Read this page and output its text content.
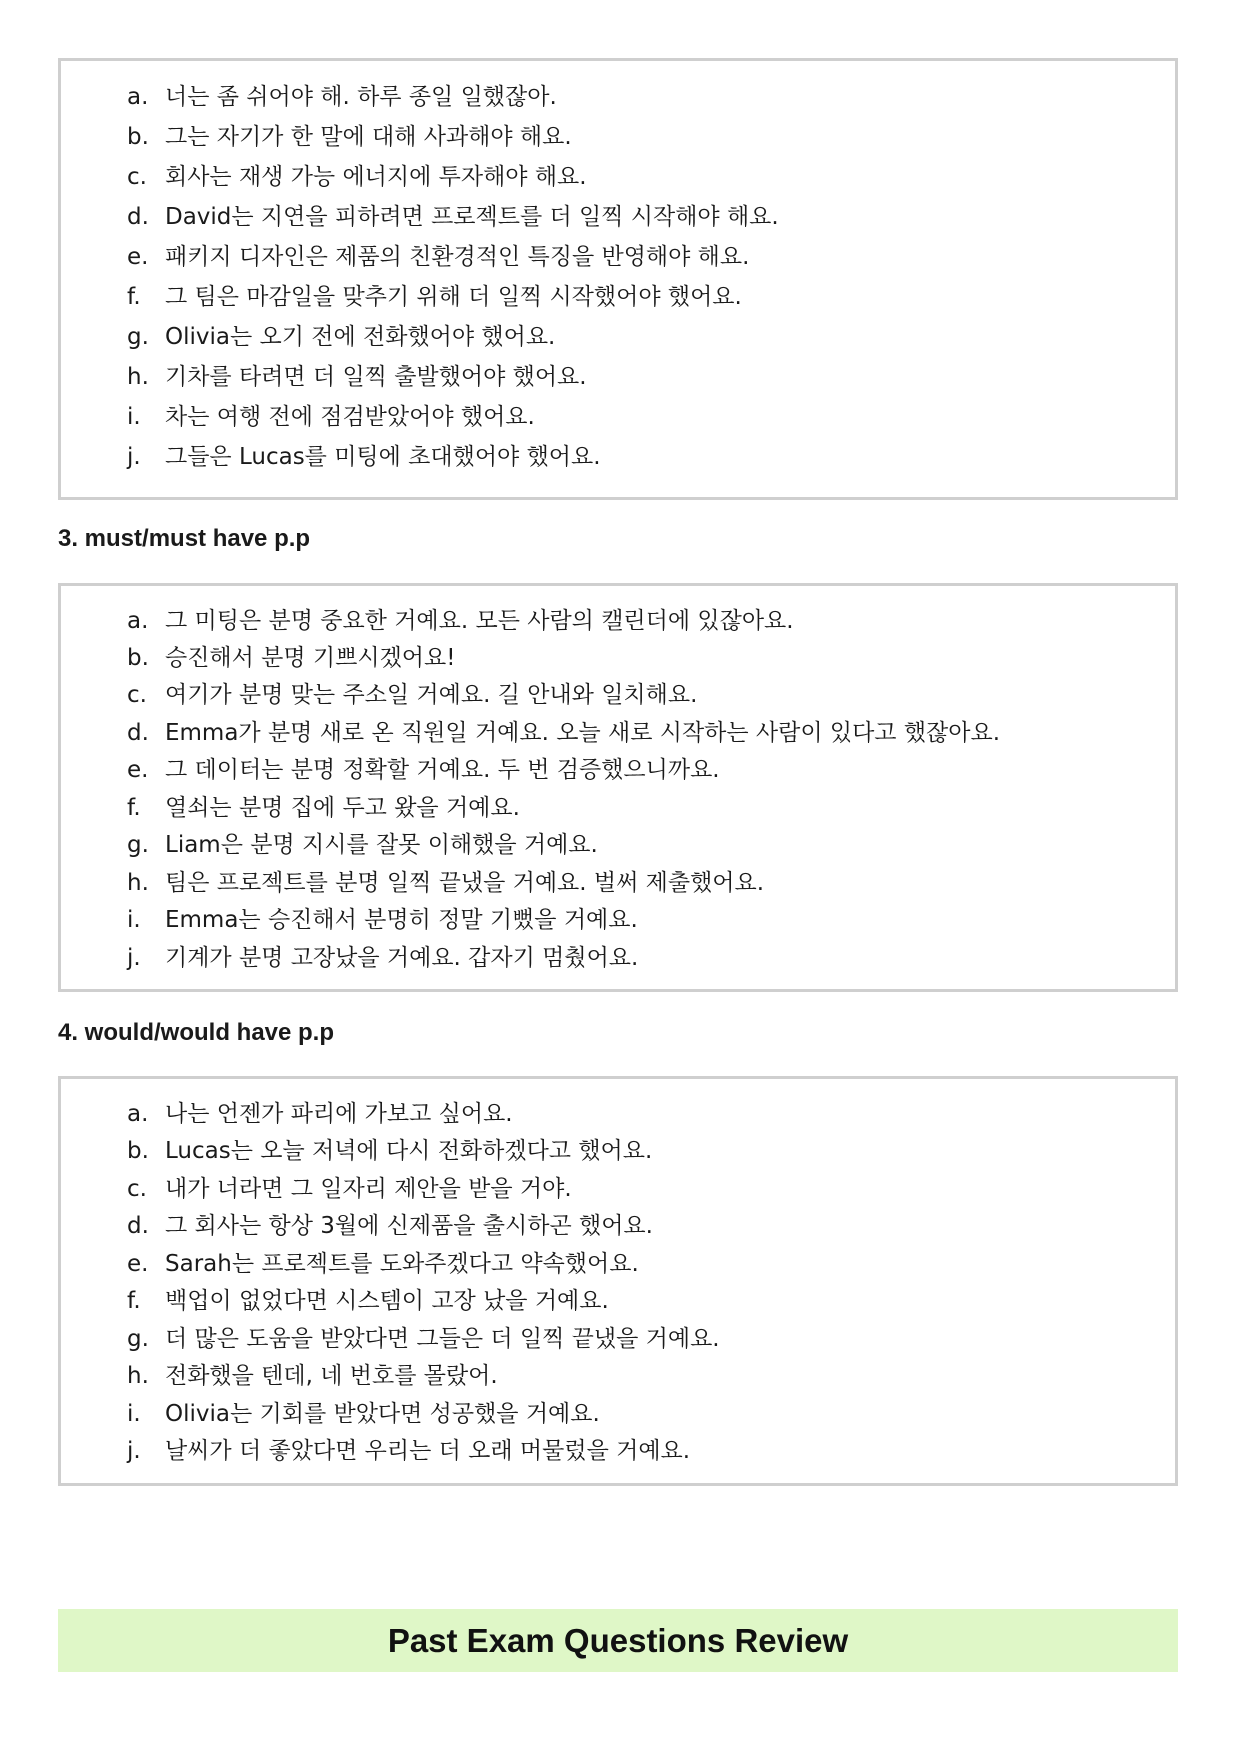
a. 너는 좀 쉬어야 해. 하루 종일 일했잖아.
b. 그는 자기가 한 말에 대해 사과해야 해요.
c. 회사는 재생 가능 에너지에 투자해야 해요.
d. David는 지연을 피하려면 프로젝트를 더 일찍 시작해야 해요.
e. 패키지 디자인은 제품의 친환경적인 특징을 반영해야 해요.
f.	그 팀은 마감일을 맞추기 위해 더 일찍 시작했어야 했어요.
g. Olivia는 오기 전에 전화했어야 했어요.
h. 기차를 타려면 더 일찍 출발했어야 했어요.
i.	차는 여행 전에 점검받았어야 했어요.
j.	그들은 Lucas를 미팅에 초대했어야 했어요.
3. must/must have p.p
a. 그 미팅은 분명 중요한 거예요. 모든 사람의 캘린더에 있잖아요.
b. 승진해서 분명 기쁘시겠어요!
c. 여기가 분명 맞는 주소일 거예요. 길 안내와 일치해요.
d. Emma가 분명 새로 온 직원일 거예요. 오늘 새로 시작하는 사람이 있다고 했잖아요.
e. 그 데이터는 분명 정확할 거예요. 두 번 검증했으니까요.
f.	열쇠는 분명 집에 두고 왔을 거예요.
g. Liam은 분명 지시를 잘못 이해했을 거예요.
h. 팀은 프로젝트를 분명 일찍 끝냈을 거예요. 벌써 제출했어요.
i.	Emma는 승진해서 분명히 정말 기뻤을 거예요.
j.	기계가 분명 고장났을 거예요. 갑자기 멈췄어요.
4. would/would have p.p
a. 나는 언젠가 파리에 가보고 싶어요.
b. Lucas는 오늘 저녁에 다시 전화하겠다고 했어요.
c. 내가 너라면 그 일자리 제안을 받을 거야.
d. 그 회사는 항상 3월에 신제품을 출시하곤 했어요.
e. Sarah는 프로젝트를 도와주겠다고 약속했어요.
f.	백업이 없었다면 시스템이 고장 났을 거예요.
g. 더 많은 도움을 받았다면 그들은 더 일찍 끝냈을 거예요.
h. 전화했을 텐데, 네 번호를 몰랐어.
i.	Olivia는 기회를 받았다면 성공했을 거예요.
j.	날씨가 더 좋았다면 우리는 더 오래 머물렀을 거예요.
Past Exam Questions Review
